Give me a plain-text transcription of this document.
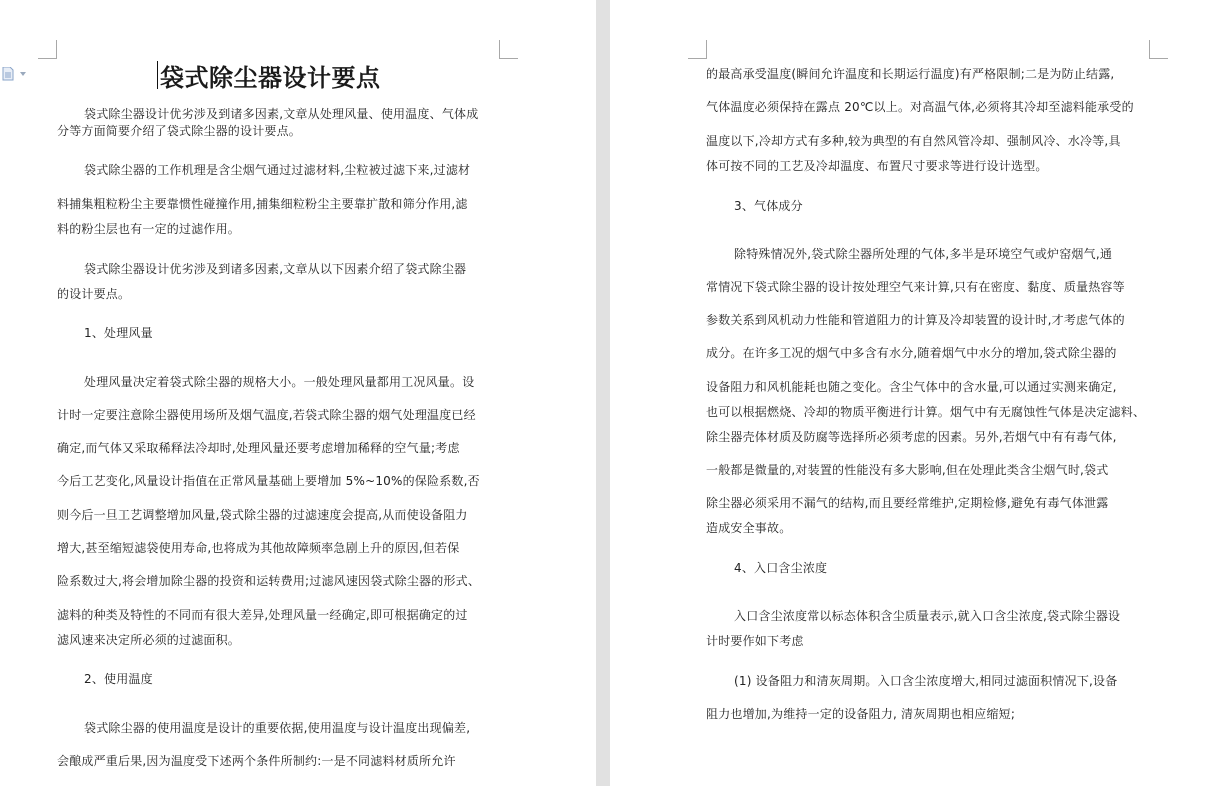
袋式除尘器设计要点
袋式除尘器设计优劣涉及到诸多因素,文章从处理风量、使用温度、气体成
分等方面简要介绍了袋式除尘器的设计要点。
袋式除尘器的工作机理是含尘烟气通过过滤材料,尘粒被过滤下来,过滤材
料捕集粗粒粉尘主要靠惯性碰撞作用,捕集细粒粉尘主要靠扩散和筛分作用,滤
料的粉尘层也有一定的过滤作用。
袋式除尘器设计优劣涉及到诸多因素,文章从以下因素介绍了袋式除尘器
的设计要点。
1、处理风量
处理风量决定着袋式除尘器的规格大小。一般处理风量都用工况风量。设
计时一定要注意除尘器使用场所及烟气温度,若袋式除尘器的烟气处理温度已经
确定,而气体又采取稀释法冷却时,处理风量还要考虑增加稀释的空气量;考虑
今后工艺变化,风量设计指值在正常风量基础上要增加 5%~10%的保险系数,否
则今后一旦工艺调整增加风量,袋式除尘器的过滤速度会提高,从而使设备阻力
增大,甚至缩短滤袋使用寿命,也将成为其他故障频率急剧上升的原因,但若保
险系数过大,将会增加除尘器的投资和运转费用;过滤风速因袋式除尘器的形式、
滤料的种类及特性的不同而有很大差异,处理风量一经确定,即可根据确定的过
滤风速来决定所必须的过滤面积。
2、使用温度
袋式除尘器的使用温度是设计的重要依据,使用温度与设计温度出现偏差,
会酿成严重后果,因为温度受下述两个条件所制约:一是不同滤料材质所允许
的最高承受温度(瞬间允许温度和长期运行温度)有严格限制;二是为防止结露,
气体温度必须保持在露点 20℃以上。对高温气体,必须将其冷却至滤料能承受的
温度以下,冷却方式有多种,较为典型的有自然风管冷却、强制风冷、水冷等,具
体可按不同的工艺及冷却温度、布置尺寸要求等进行设计选型。
3、气体成分
除特殊情况外,袋式除尘器所处理的气体,多半是环境空气或炉窑烟气,通
常情况下袋式除尘器的设计按处理空气来计算,只有在密度、黏度、质量热容等
参数关系到风机动力性能和管道阻力的计算及冷却装置的设计时,才考虑气体的
成分。在许多工况的烟气中多含有水分,随着烟气中水分的增加,袋式除尘器的
设备阻力和风机能耗也随之变化。含尘气体中的含水量,可以通过实测来确定,
也可以根据燃烧、冷却的物质平衡进行计算。烟气中有无腐蚀性气体是决定滤料、
除尘器壳体材质及防腐等选择所必须考虑的因素。另外,若烟气中有有毒气体,
一般都是微量的,对装置的性能没有多大影响,但在处理此类含尘烟气时,袋式
除尘器必须采用不漏气的结构,而且要经常维护,定期检修,避免有毒气体泄露
造成安全事故。
4、入口含尘浓度
入口含尘浓度常以标态体积含尘质量表示,就入口含尘浓度,袋式除尘器设
计时要作如下考虑
(1) 设备阻力和清灰周期。入口含尘浓度增大,相同过滤面积情况下,设备
阻力也增加,为维持一定的设备阻力, 清灰周期也相应缩短;
